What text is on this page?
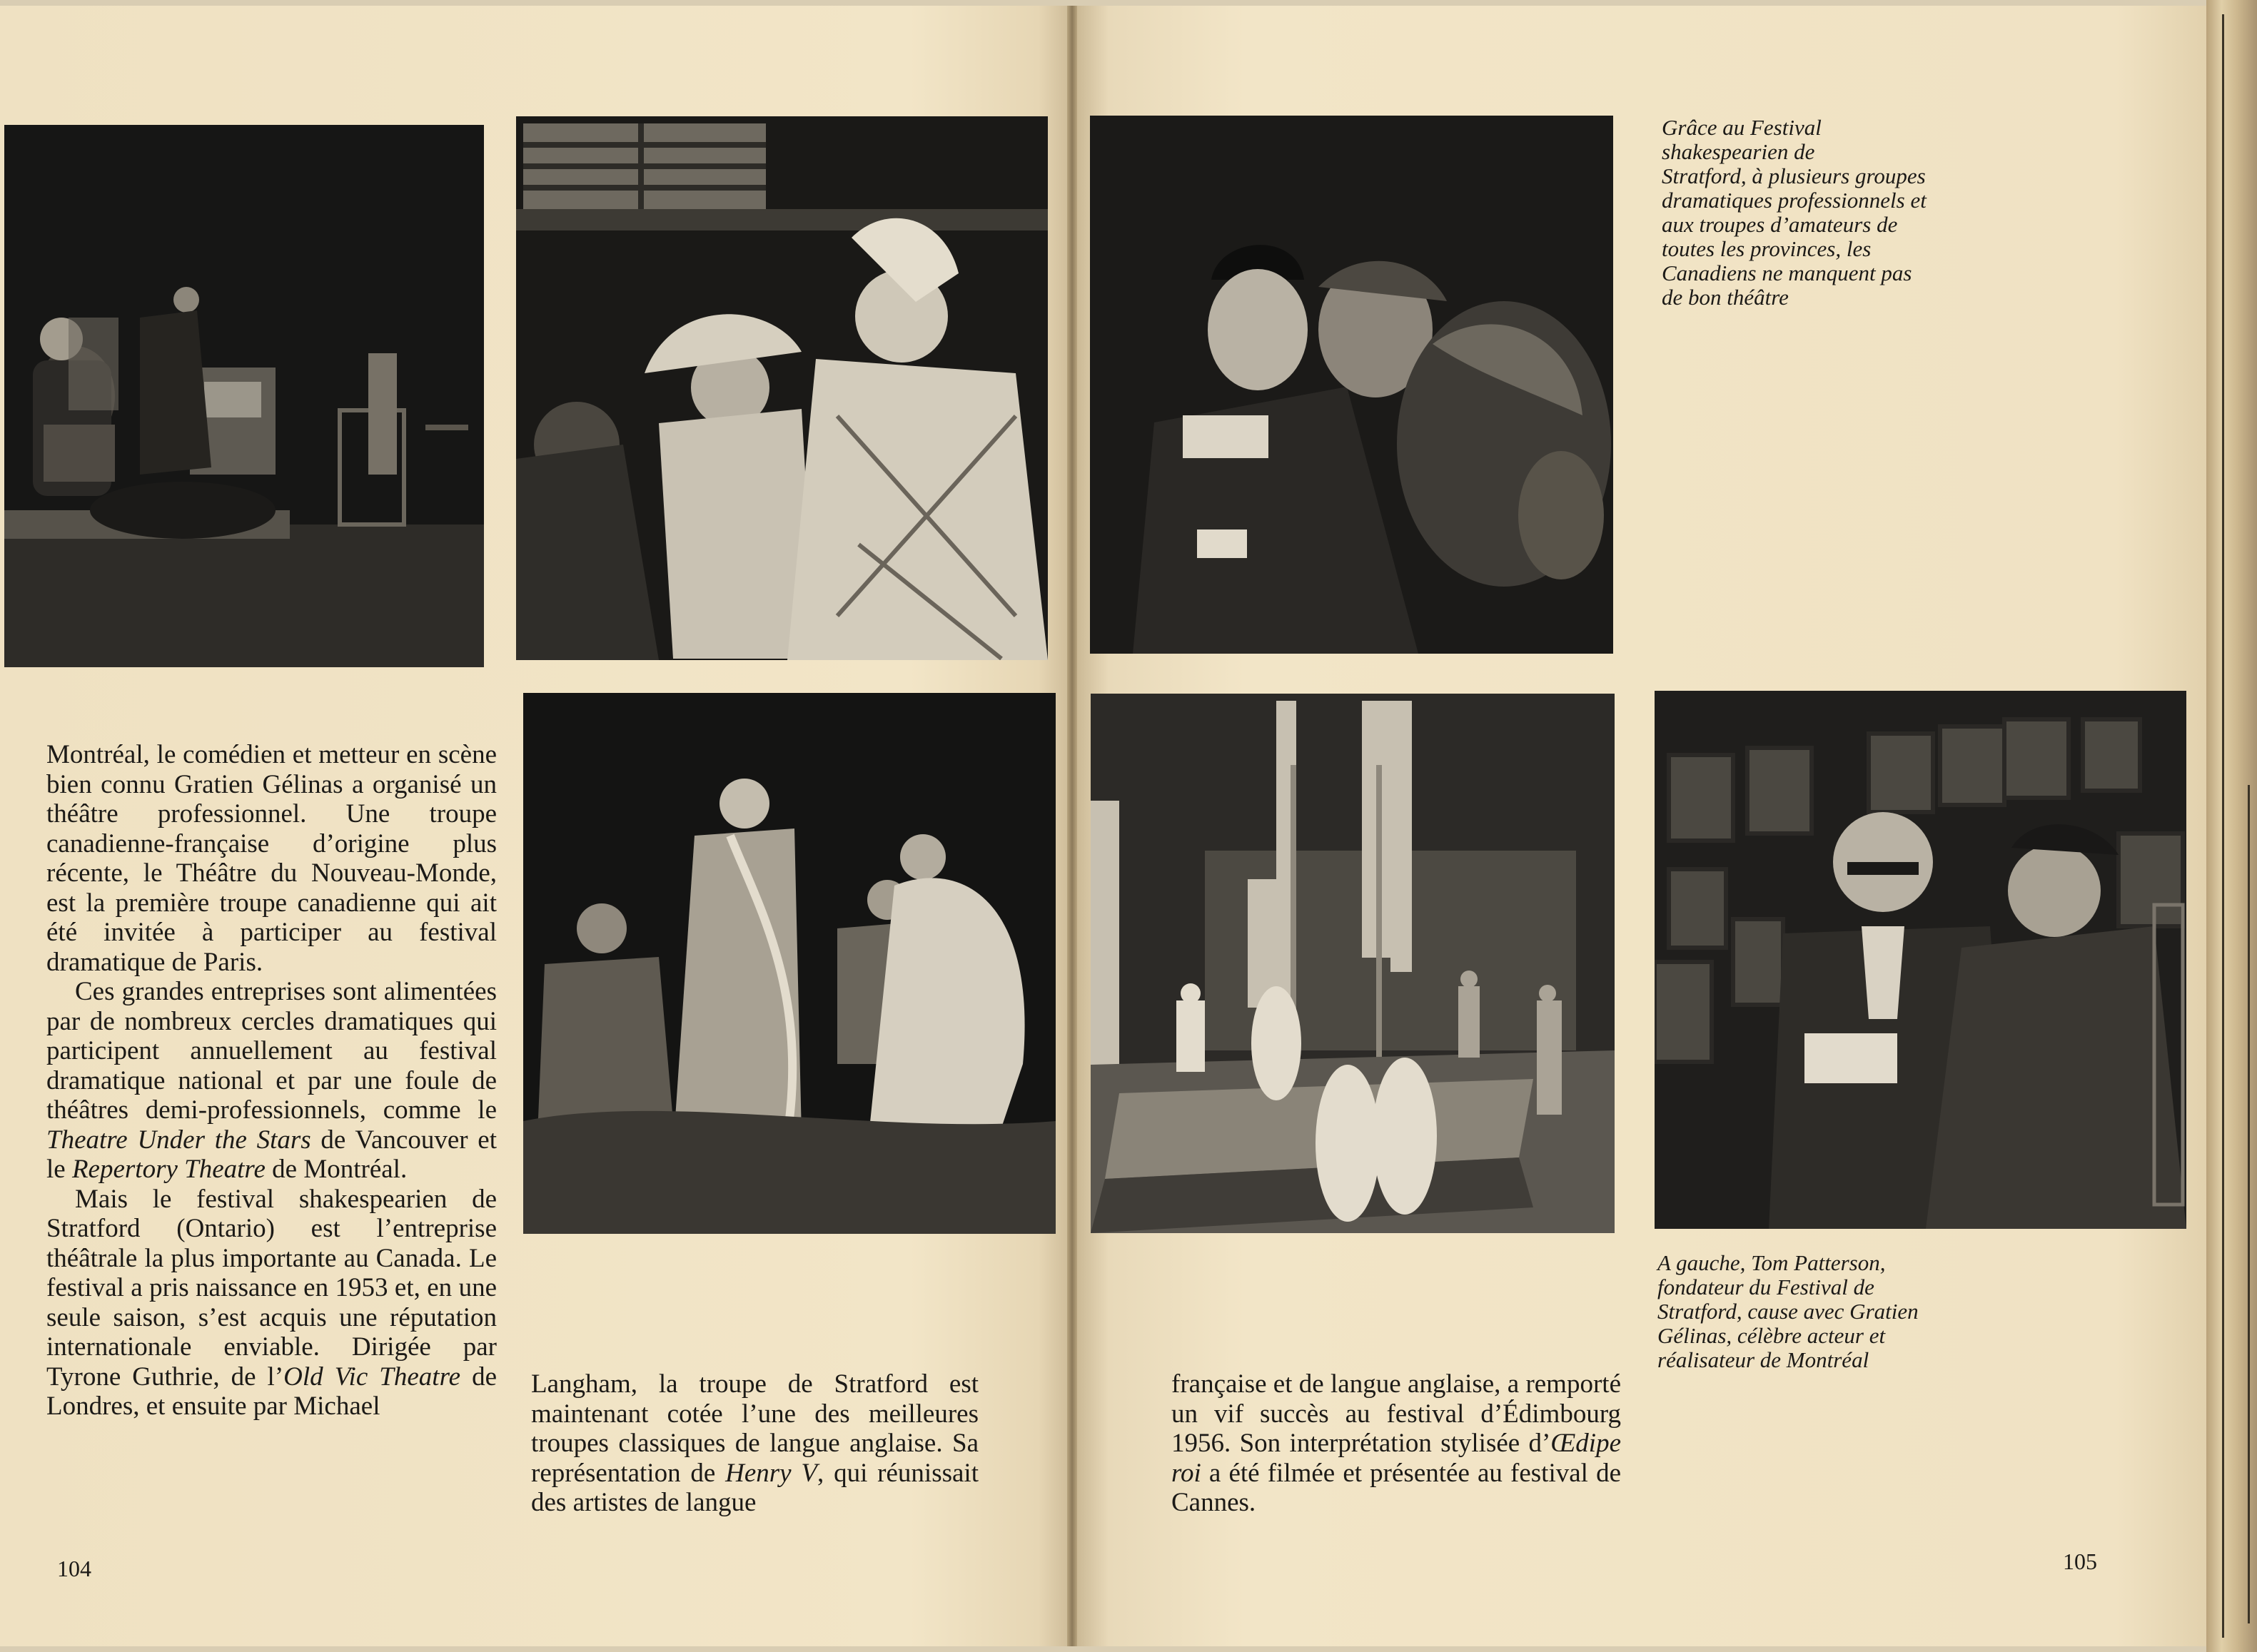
Montréal, le comédien et metteur en scène bien connu Gratien Gélinas a organisé un théâtre professionnel. Une troupe canadienne-française d’origine plus récente, le Théâtre du Nouveau-Monde, est la première troupe canadienne qui ait été invitée à participer au festival dramatique de Paris.

Ces grandes entreprises sont alimentées par de nombreux cercles dramatiques qui participent annuellement au festival dramatique national et par une foule de théâtres demi-professionnels, comme le Theatre Under the Stars de Vancouver et le Repertory Theatre de Montréal.

Mais le festival shakespearien de Stratford (Ontario) est l’entreprise théâtrale la plus importante au Canada. Le festival a pris naissance en 1953 et, en une seule saison, s’est acquis une réputation internationale enviable. Dirigée par Tyrone Guthrie, de l’Old Vic Theatre de Londres, et ensuite par Michael

Langham, la troupe de Stratford est maintenant cotée l’une des meilleures troupes classiques de langue anglaise. Sa représentation de Henry V, qui réunissait des artistes de langue

104

française et de langue anglaise, a remporté un vif succès au festival d’Édimbourg 1956. Son interprétation stylisée d’Œdipe roi a été filmée et présentée au festival de Cannes.

Grâce au Festival
shakespearien de
Stratford, à plusieurs groupes
dramatiques professionnels et
aux troupes d’amateurs de
toutes les provinces, les
Canadiens ne manquent pas
de bon théâtre
A gauche, Tom Patterson,
fondateur du Festival de
Stratford, cause avec Gratien
Gélinas, célèbre acteur et
réalisateur de Montréal
105
